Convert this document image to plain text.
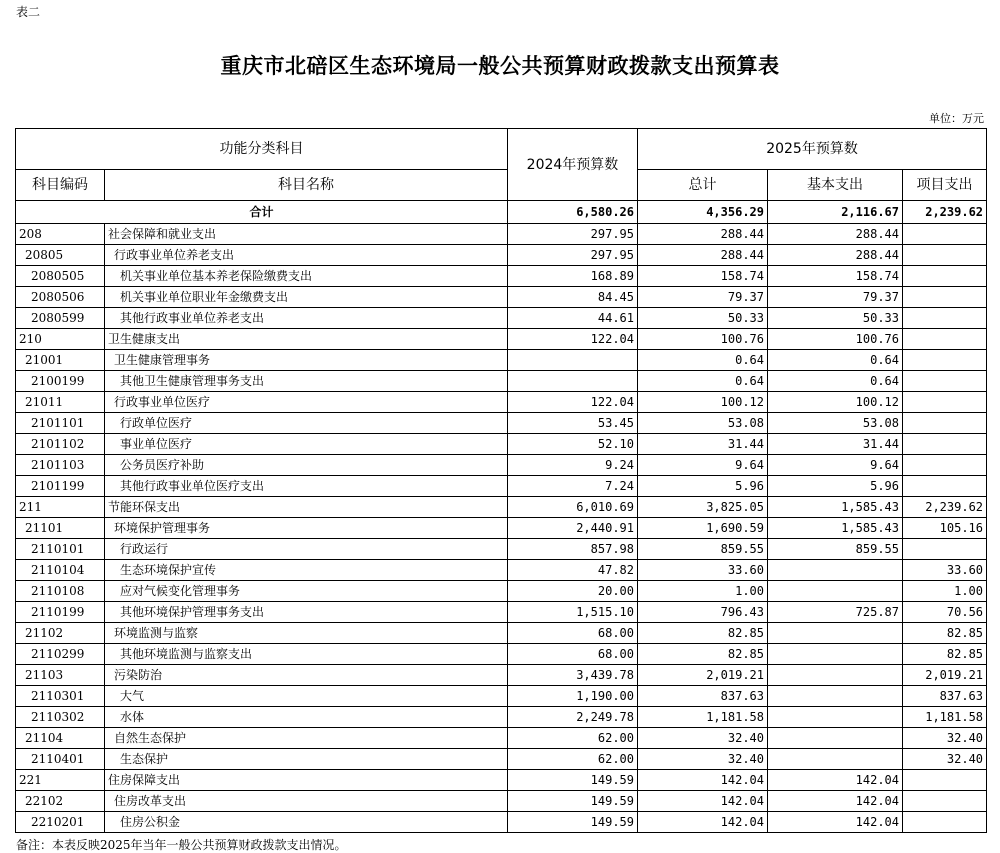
表二
重庆市北碚区生态环境局一般公共预算财政拨款支出预算表
单位：万元
功能分类科目		2024年预算数	2025年预算数		
科目编码	科目名称		总计	基本支出	项目支出
合计		6,580.26	4,356.29	2,116.67	2,239.62
208	社会保障和就业支出	297.95	288.44	288.44	
20805	行政事业单位养老支出	297.95	288.44	288.44	
2080505	机关事业单位基本养老保险缴费支出	168.89	158.74	158.74	
2080506	机关事业单位职业年金缴费支出	84.45	79.37	79.37	
2080599	其他行政事业单位养老支出	44.61	50.33	50.33	
210	卫生健康支出	122.04	100.76	100.76	
21001	卫生健康管理事务		0.64	0.64	
2100199	其他卫生健康管理事务支出		0.64	0.64	
21011	行政事业单位医疗	122.04	100.12	100.12	
2101101	行政单位医疗	53.45	53.08	53.08	
2101102	事业单位医疗	52.10	31.44	31.44	
2101103	公务员医疗补助	9.24	9.64	9.64	
2101199	其他行政事业单位医疗支出	7.24	5.96	5.96	
211	节能环保支出	6,010.69	3,825.05	1,585.43	2,239.62
21101	环境保护管理事务	2,440.91	1,690.59	1,585.43	105.16
2110101	行政运行	857.98	859.55	859.55	
2110104	生态环境保护宣传	47.82	33.60		33.60
2110108	应对气候变化管理事务	20.00	1.00		1.00
2110199	其他环境保护管理事务支出	1,515.10	796.43	725.87	70.56
21102	环境监测与监察	68.00	82.85		82.85
2110299	其他环境监测与监察支出	68.00	82.85		82.85
21103	污染防治	3,439.78	2,019.21		2,019.21
2110301	大气	1,190.00	837.63		837.63
2110302	水体	2,249.78	1,181.58		1,181.58
21104	自然生态保护	62.00	32.40		32.40
2110401	生态保护	62.00	32.40		32.40
221	住房保障支出	149.59	142.04	142.04	
22102	住房改革支出	149.59	142.04	142.04	
2210201	住房公积金	149.59	142.04	142.04	
备注：本表反映2025年当年一般公共预算财政拨款支出情况。
